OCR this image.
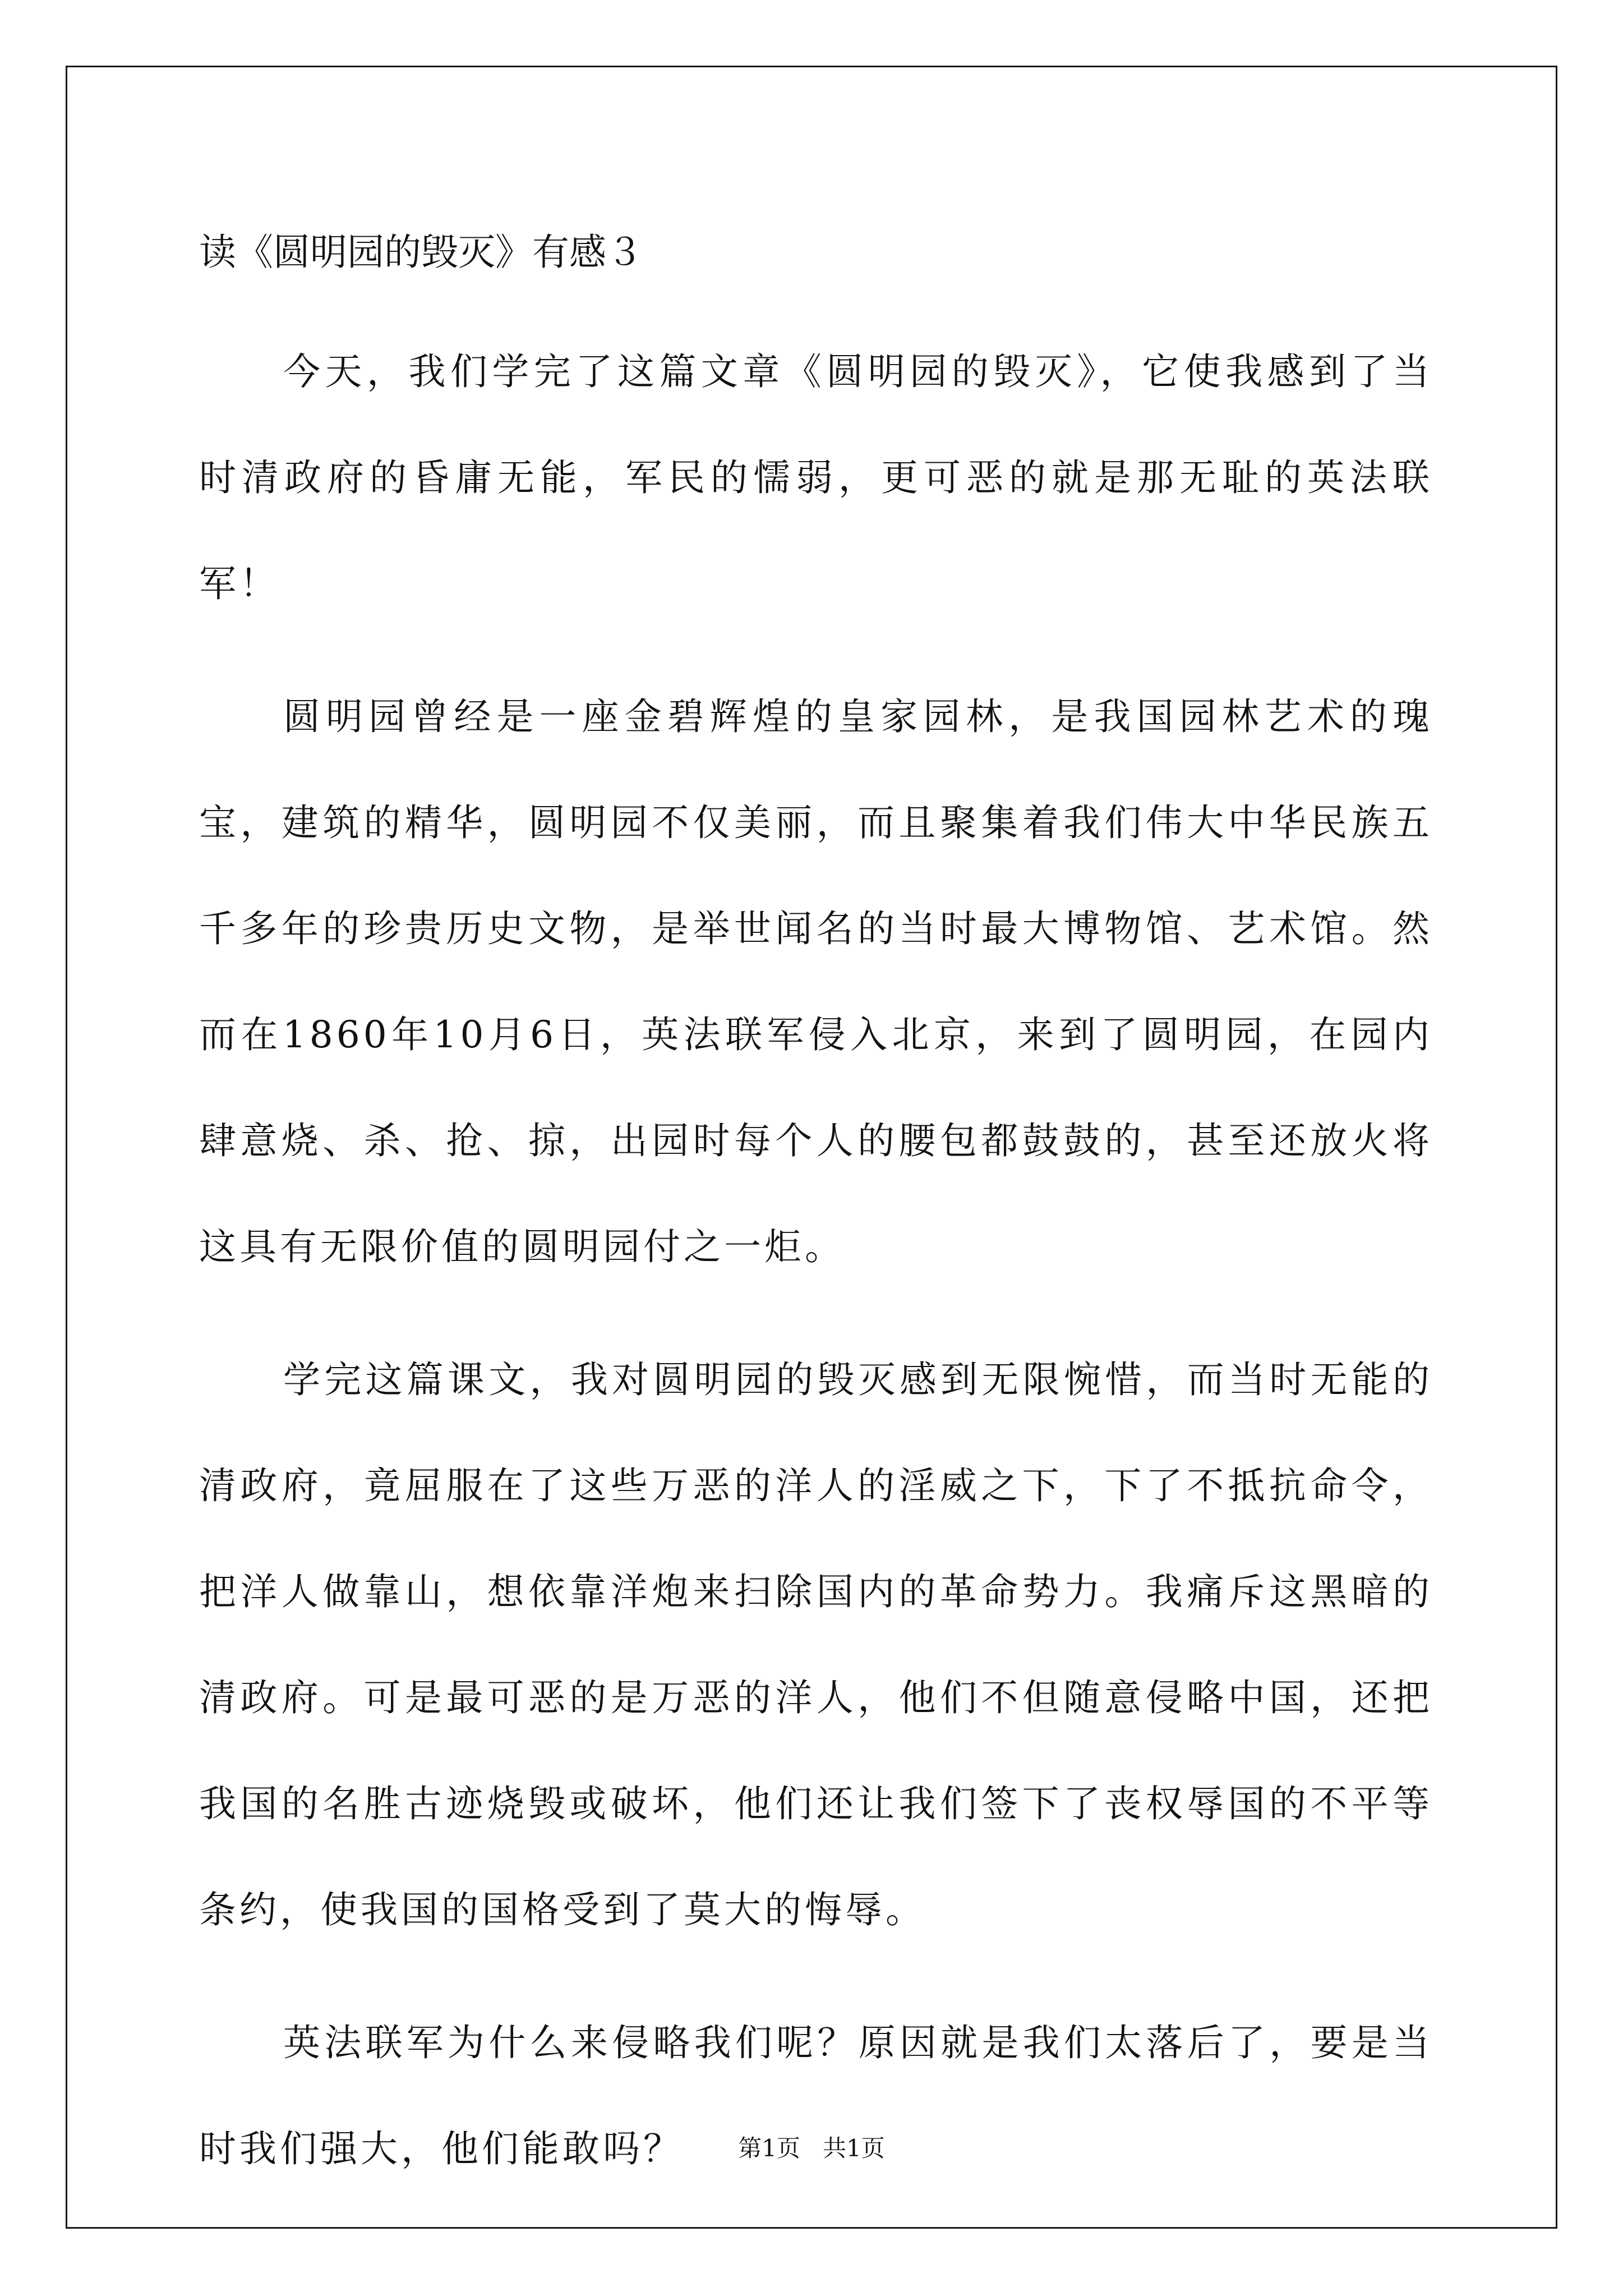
读《圆明园的毁灭》有感３

今天，我们学完了这篇文章《圆明园的毁灭》，它使我感到了当时清政府的昏庸无能，军民的懦弱，更可恶的就是那无耻的英法联军！

圆明园曾经是一座金碧辉煌的皇家园林，是我国园林艺术的瑰宝，建筑的精华，圆明园不仅美丽，而且聚集着我们伟大中华民族五千多年的珍贵历史文物，是举世闻名的当时最大博物馆、艺术馆。然而在1860年10月6日，英法联军侵入北京，来到了圆明园，在园内肆意烧、杀、抢、掠，出园时每个人的腰包都鼓鼓的，甚至还放火将这具有无限价值的圆明园付之一炬。

学完这篇课文，我对圆明园的毁灭感到无限惋惜，而当时无能的清政府，竟屈服在了这些万恶的洋人的淫威之下，下了不抵抗命令，把洋人做靠山，想依靠洋炮来扫除国内的革命势力。我痛斥这黑暗的清政府。可是最可恶的是万恶的洋人，他们不但随意侵略中国，还把我国的名胜古迹烧毁或破坏，他们还让我们签下了丧权辱国的不平等条约，使我国的国格受到了莫大的悔辱。

英法联军为什么来侵略我们呢？原因就是我们太落后了，要是当时我们强大，他们能敢吗？	第1页   共1页
